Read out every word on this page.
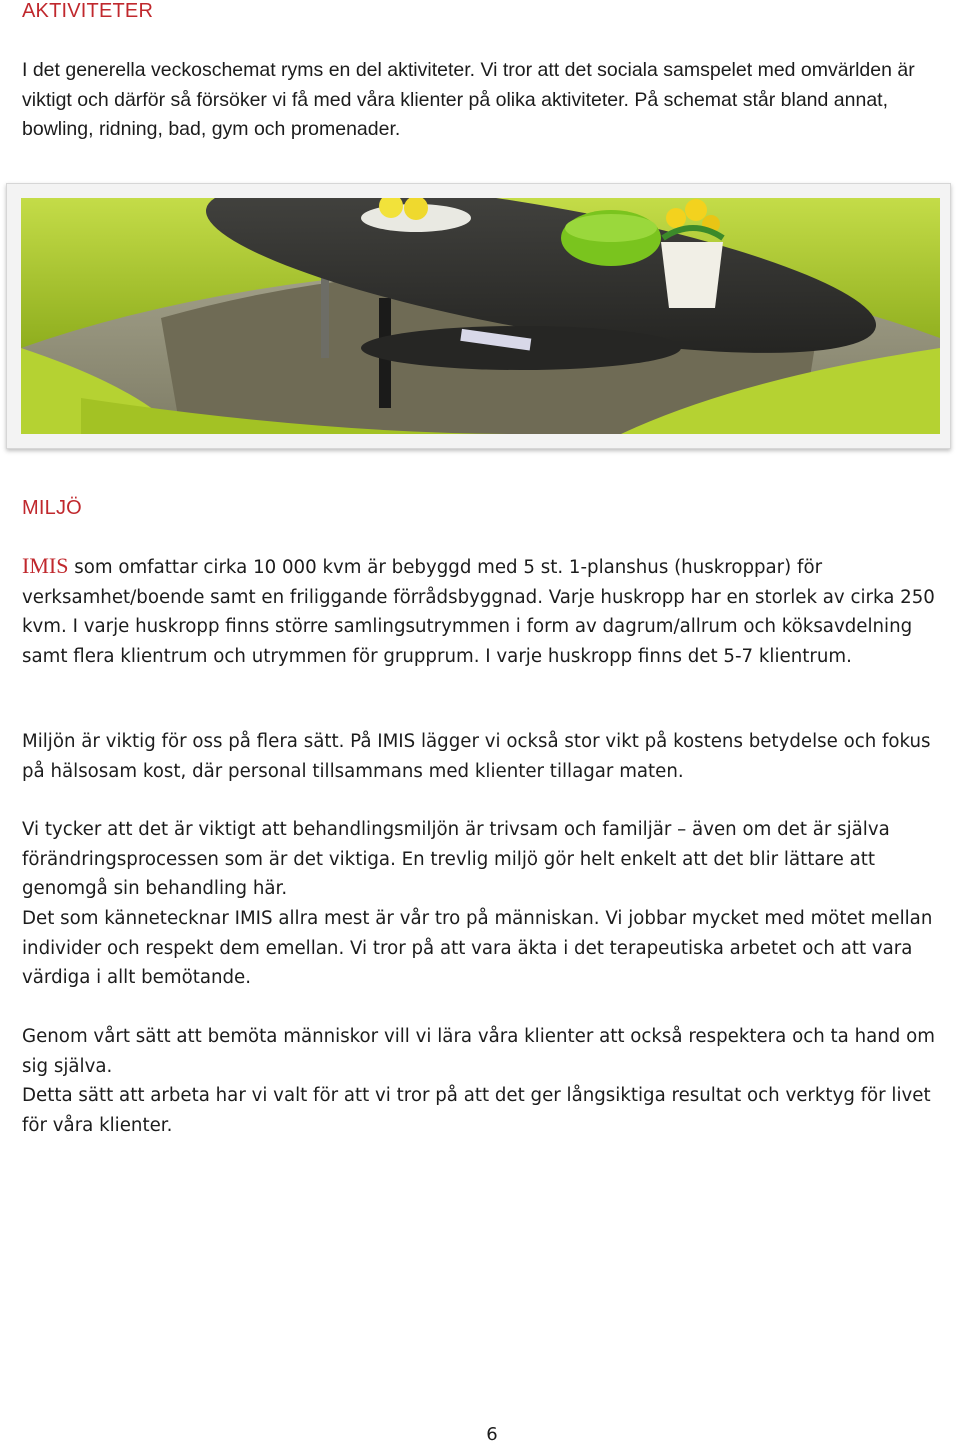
AKTIVITETER

I det generella veckoschemat ryms en del aktiviteter. Vi tror att det sociala samspelet med omvärlden är viktigt och därför så försöker vi få med våra klienter på olika aktiviteter. På schemat står bland annat, bowling, ridning, bad, gym och promenader.

MILJÖ

IMIS som omfattar cirka 10 000 kvm är bebyggd med 5 st. 1-planshus (huskroppar) för verksamhet/boende samt en friliggande förrådsbyggnad. Varje huskropp har en storlek av cirka 250 kvm. I varje huskropp finns större samlingsutrymmen i form av dagrum/allrum och köksavdelning samt flera klientrum och utrymmen för grupprum. I varje huskropp finns det 5-7 klientrum.

Miljön är viktig för oss på flera sätt. På IMIS lägger vi också stor vikt på kostens betydelse och fokus på hälsosam kost, där personal tillsammans med klienter tillagar maten.

Vi tycker att det är viktigt att behandlingsmiljön är trivsam och familjär – även om det är själva förändringsprocessen som är det viktiga. En trevlig miljö gör helt enkelt att det blir lättare att genomgå sin behandling här.

Det som kännetecknar IMIS allra mest är vår tro på människan. Vi jobbar mycket med mötet mellan individer och respekt dem emellan. Vi tror på att vara äkta i det terapeutiska arbetet och att vara värdiga i allt bemötande.

Genom vårt sätt att bemöta människor vill vi lära våra klienter att också respektera och ta hand om sig själva.

Detta sätt att arbeta har vi valt för att vi tror på att det ger långsiktiga resultat och verktyg för livet för våra klienter.

6
